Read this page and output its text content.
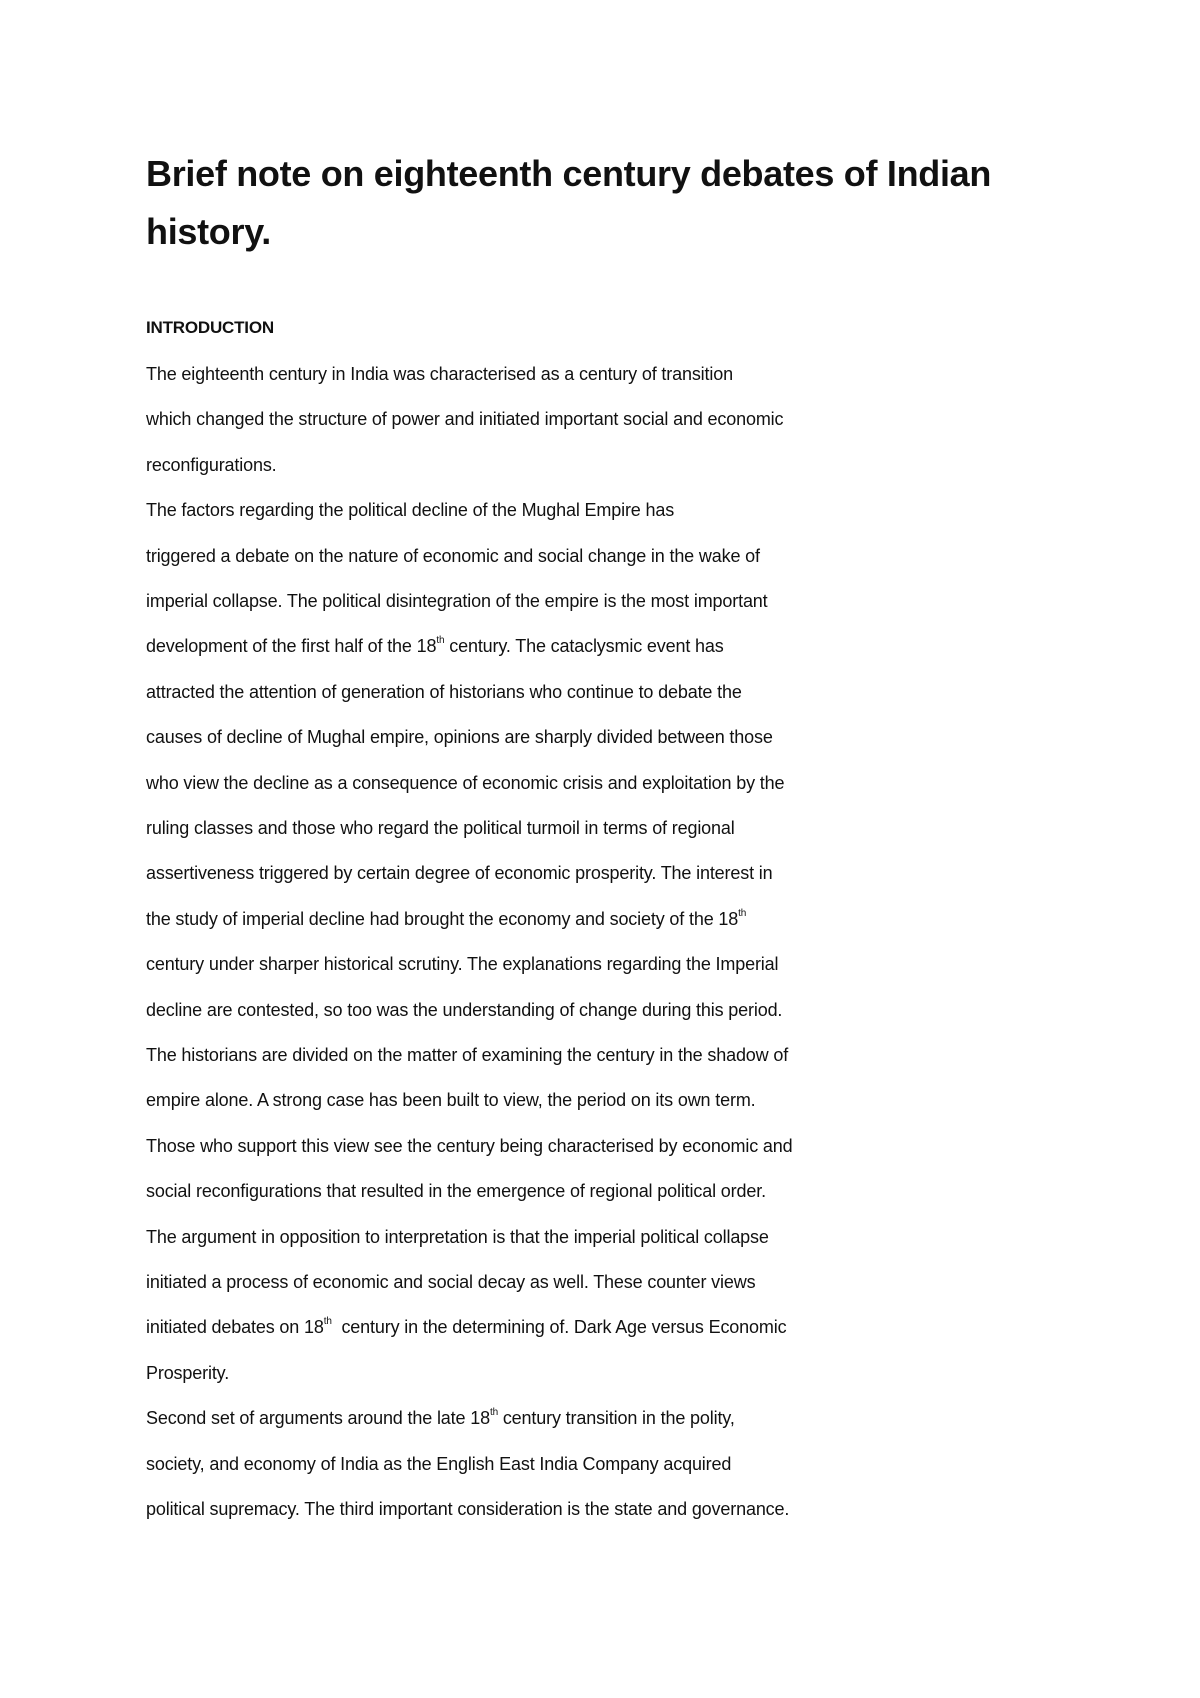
Brief note on eighteenth century debates of Indian history.
INTRODUCTION

The eighteenth century in India was characterised as a century of transition

which changed the structure of power and initiated important social and economic

reconfigurations.

The factors regarding the political decline of the Mughal Empire has

triggered a debate on the nature of economic and social change in the wake of

imperial collapse. The political disintegration of the empire is the most important

development of the first half of the 18th century. The cataclysmic event has

attracted the attention of generation of historians who continue to debate the

causes of decline of Mughal empire, opinions are sharply divided between those

who view the decline as a consequence of economic crisis and exploitation by the

ruling classes and those who regard the political turmoil in terms of regional

assertiveness triggered by certain degree of economic prosperity. The interest in

the study of imperial decline had brought the economy and society of the 18th

century under sharper historical scrutiny. The explanations regarding the Imperial

decline are contested, so too was the understanding of change during this period.

The historians are divided on the matter of examining the century in the shadow of

empire alone. A strong case has been built to view, the period on its own term.

Those who support this view see the century being characterised by economic and

social reconfigurations that resulted in the emergence of regional political order.

The argument in opposition to interpretation is that the imperial political collapse

initiated a process of economic and social decay as well. These counter views

initiated debates on 18th  century in the determining of. Dark Age versus Economic

Prosperity.

Second set of arguments around the late 18th century transition in the polity,

society, and economy of India as the English East India Company acquired

political supremacy. The third important consideration is the state and governance.
